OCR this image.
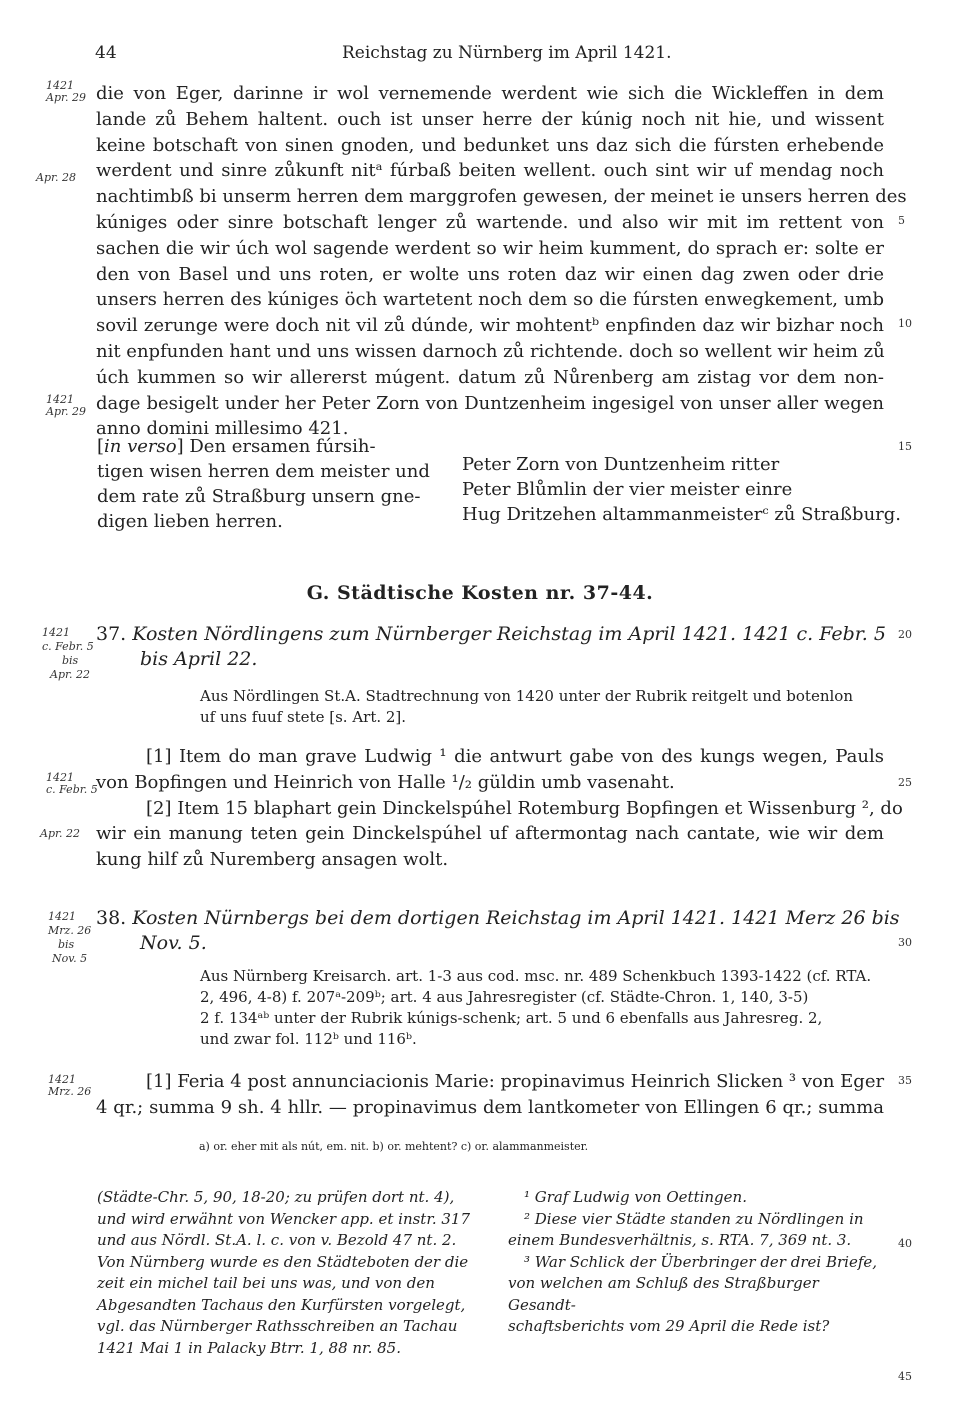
44	Reichstag zu Nürnberg im April 1421.
die von Eger, darinne ir wol vernemende werdent wie sich die Wickleffen in dem
lande zů Behem haltent. ouch ist unser herre der kúnig noch nit hie, und wissent
keine botschaft von sinen gnoden, und bedunket uns daz sich die fúrsten erhebende
werdent und sinre zůkunft nitᵃ fúrbaß beiten wellent. ouch sint wir uf mendag noch
nachtimbß bi unserm herren dem marggrofen gewesen, der meinet ie unsers herren des
kúniges oder sinre botschaft lenger zů wartende. und also wir mit im rettent von
sachen die wir úch wol sagende werdent so wir heim kumment, do sprach er: solte er
den von Basel und uns roten, er wolte uns roten daz wir einen dag zwen oder drie
unsers herren des kúniges öch wartetent noch dem so die fúrsten enwegkement, umb
sovil zerunge were doch nit vil zů dúnde, wir mohtentᵇ enpfinden daz wir bizhar noch
nit enpfunden hant und uns wissen darnoch zů richtende. doch so wellent wir heim zů
úch kummen so wir allererst múgent. datum zů Nůrenberg am zistag vor dem non-
dage besigelt under her Peter Zorn von Duntzenheim ingesigel von unser aller wegen
anno domini millesimo 421.
1421
Apr. 29
Apr. 28
1421
Apr. 29
1421
c. Febr. 5
bis
Apr. 22
1421
c. Febr. 5
Apr. 22
1421
Mrz. 26
bis
Nov. 5
1421
Mrz. 26
5
10
15
20
25
30
35
40
45
[in verso] Den ersamen fúrsih-
tigen wisen herren dem meister und
dem rate zů Straßburg unsern gne-
digen lieben herren.
Peter Zorn von Duntzenheim ritter
Peter Blůmlin der vier meister einre
Hug Dritzehen altammanmeisterᶜ zů Straßburg.
G. Städtische Kosten nr. 37-44.
37. Kosten Nördlingens zum Nürnberger Reichstag im April 1421. 1421 c. Febr. 5
bis April 22.
Aus Nördlingen St.A. Stadtrechnung von 1420 unter der Rubrik reitgelt und botenlon
uf uns fuuf stete [s. Art. 2].
[1] Item do man grave Ludwig ¹ die antwurt gabe von des kungs wegen, Pauls
von Bopfingen und Heinrich von Halle ¹/₂ güldin umb vasenaht.
[2] Item 15 blaphart gein Dinckelspúhel Rotemburg Bopfingen et Wissenburg ², do
wir ein manung teten gein Dinckelspúhel uf aftermontag nach cantate, wie wir dem
kung hilf zů Nuremberg ansagen wolt.
38. Kosten Nürnbergs bei dem dortigen Reichstag im April 1421. 1421 Merz 26 bis
Nov. 5.
Aus Nürnberg Kreisarch. art. 1-3 aus cod. msc. nr. 489 Schenkbuch 1393-1422 (cf. RTA.
2, 496, 4-8) f. 207ᵃ-209ᵇ; art. 4 aus Jahresregister (cf. Städte-Chron. 1, 140, 3-5)
2 f. 134ᵃᵇ unter der Rubrik kúnigs-schenk; art. 5 und 6 ebenfalls aus Jahresreg. 2,
und zwar fol. 112ᵇ und 116ᵇ.
[1] Feria 4 post annunciacionis Marie: propinavimus Heinrich Slicken ³ von Eger
4 qr.; summa 9 sh. 4 hllr. — propinavimus dem lantkometer von Ellingen 6 qr.; summa
a) or. eher mit als nút, em. nit. b) or. mehtent? c) or. alammanmeister.
(Städte-Chr. 5, 90, 18-20; zu prüfen dort nt. 4),
und wird erwähnt von Wencker app. et instr. 317
und aus Nördl. St.A. l. c. von v. Bezold 47 nt. 2.
Von Nürnberg wurde es den Städteboten der die
zeit ein michel tail bei uns was, und von den
Abgesandten Tachaus den Kurfürsten vorgelegt,
vgl. das Nürnberger Rathsschreiben an Tachau
1421 Mai 1 in Palacky Btrr. 1, 88 nr. 85.
¹ Graf Ludwig von Oettingen.
² Diese vier Städte standen zu Nördlingen in
einem Bundesverhältnis, s. RTA. 7, 369 nt. 3.
³ War Schlick der Überbringer der drei Briefe,
von welchen am Schluß des Straßburger Gesandt-
schaftsberichts vom 29 April die Rede ist?
